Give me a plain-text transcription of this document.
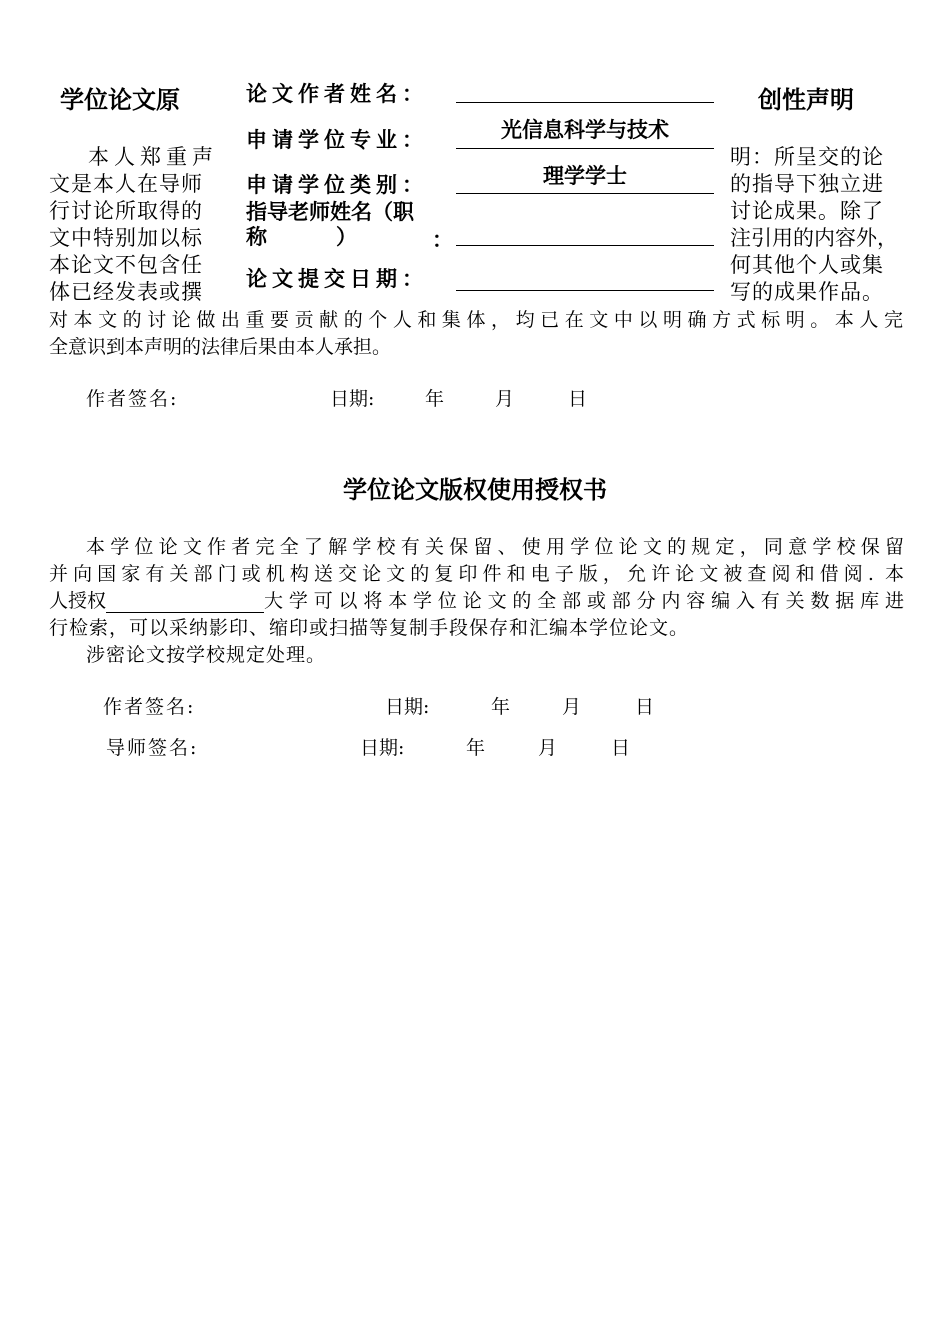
学位论文原	创性声明
本人郑重声
文是本人在导师
行讨论所取得的
文中特别加以标
本论文不包含任
体已经发表或撰
明：所呈交的论
的指导下独立进
讨论成果。除了
注引用的内容外，
何其他个人或集
写的成果作品。
论文作者姓名：
申请学位专业：	光信息科学与技术
申请学位类别：	理学学士
指导老师姓名（职
称	）	：
论文提交日期：
对本文的讨论做出重要贡献的个人和集体，均已在文中以明确方式标明。本人完
全意识到本声明的法律后果由本人承担。
作者签名:	日期:	年	月	日
学位论文版权使用授权书
本学位论文作者完全了解学校有关保留、使用学位论文的规定，同意学校保留
并向国家有关部门或机构送交论文的复印件和电子版，允许论文被查阅和借阅. 本
人授权	大学可以将本学位论文的全部或部分内容编入有关数据库进
行检索，可以采纳影印、缩印或扫描等复制手段保存和汇编本学位论文。
涉密论文按学校规定处理。
作者签名:	日期:	年	月	日
导师签名:	日期:	年	月	日
